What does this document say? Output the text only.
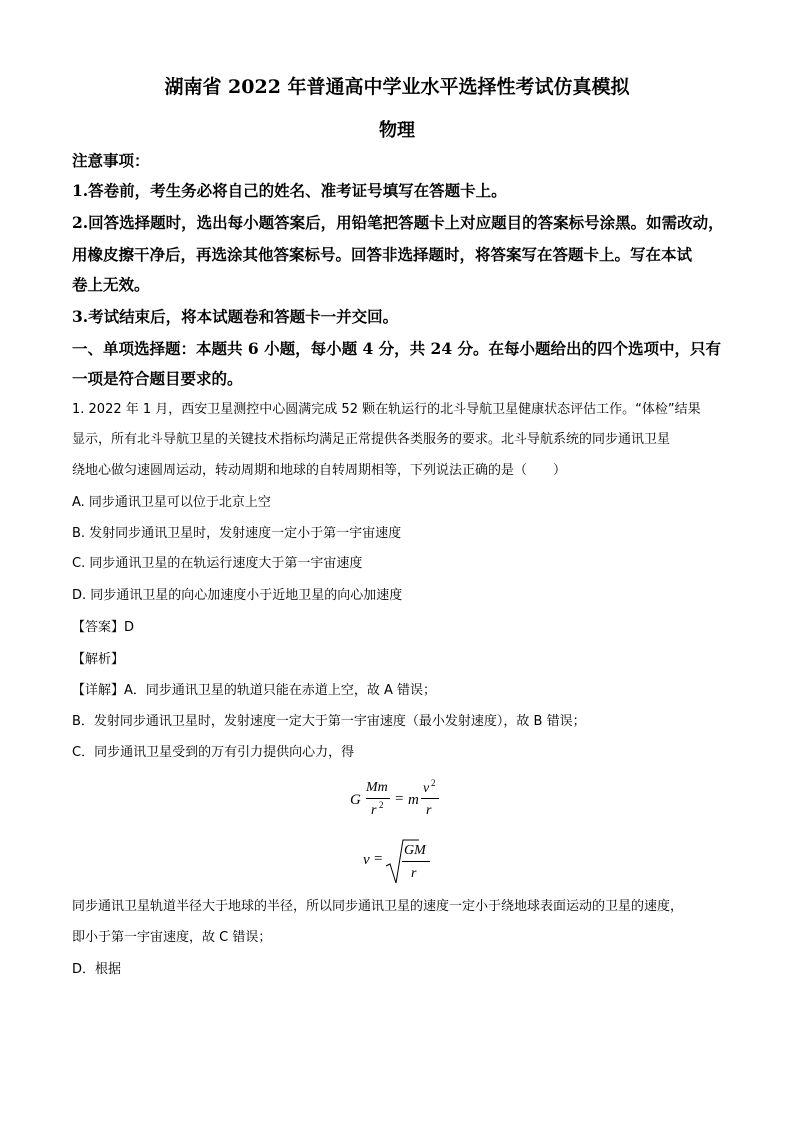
湖南省 2022 年普通高中学业水平选择性考试仿真模拟
物理
注意事项：
1.答卷前，考生务必将自己的姓名、准考证号填写在答题卡上。
2.回答选择题时，选出每小题答案后，用铅笔把答题卡上对应题目的答案标号涂黑。如需改动，
用橡皮擦干净后，再选涂其他答案标号。回答非选择题时，将答案写在答题卡上。写在本试
卷上无效。
3.考试结束后，将本试题卷和答题卡一并交回。
一、单项选择题：本题共 6 小题，每小题 4 分，共 24 分。在每小题给出的四个选项中，只有
一项是符合题目要求的。
1. 2022 年 1 月，西安卫星测控中心圆满完成 52 颗在轨运行的北斗导航卫星健康状态评估工作。“体检”结果
显示，所有北斗导航卫星的关键技术指标均满足正常提供各类服务的要求。北斗导航系统的同步通讯卫星
绕地心做匀速圆周运动，转动周期和地球的自转周期相等，下列说法正确的是（　　）
A. 同步通讯卫星可以位于北京上空
B. 发射同步通讯卫星时，发射速度一定小于第一宇宙速度
C. 同步通讯卫星的在轨运行速度大于第一宇宙速度
D. 同步通讯卫星的向心加速度小于近地卫星的向心加速度
【答案】D
【解析】
【详解】A．同步通讯卫星的轨道只能在赤道上空，故 A 错误；
B．发射同步通讯卫星时，发射速度一定大于第一宇宙速度（最小发射速度），故 B 错误；
C．同步通讯卫星受到的万有引力提供向心力，得
G
Mm
r 2 = m
v 2
r
v =
GM
r
同步通讯卫星轨道半径大于地球的半径，所以同步通讯卫星的速度一定小于绕地球表面运动的卫星的速度，
即小于第一宇宙速度，故 C 错误；
D．根据
